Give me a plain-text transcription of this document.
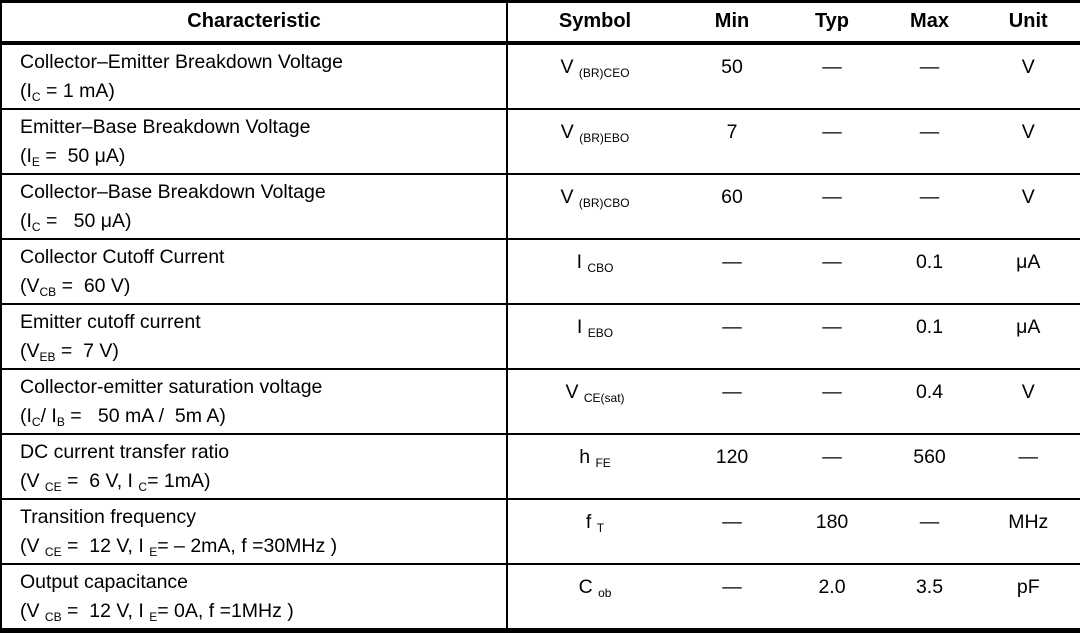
Characteristic	Symbol	Min	Typ	Max	Unit

Collector–Emitter Breakdown Voltage
($I_C = 1$ mA)	V $_{(BR)CEO}$	50	—	—	V

Emitter–Base Breakdown Voltage
($I_E = 50$ μA)	V $_{(BR)EBO}$	7	—	—	V

Collector–Base Breakdown Voltage
($I_C = 50$ μA)	V $_{(BR)CBO}$	60	—	—	V

Collector Cutoff Current
($V_{CB} = 60$ V)	I $_{CBO}$	—	—	0.1	μA

Emitter cutoff current
($V_{EB} = 7$ V)	I $_{EBO}$	—	—	0.1	μA

Collector-emitter saturation voltage
($I_C/$ $I_B = 50$ mA /  5m A)	V $_{CE(sat)}$	—	—	0.4	V

DC current transfer ratio
(V $_{CE}$ =  6 V, I $_C$= 1mA)	h $_{FE}$	120	—	560	—

Transition frequency
(V $_{CE}$ =  12 V, I $_E$= – 2mA, f =30MHz )	f $_T$	—	180	—	MHz

Output capacitance
(V $_{CB}$ =  12 V, I $_E$= 0A, f =1MHz )	C $_{ob}$	—	2.0	3.5	pF
